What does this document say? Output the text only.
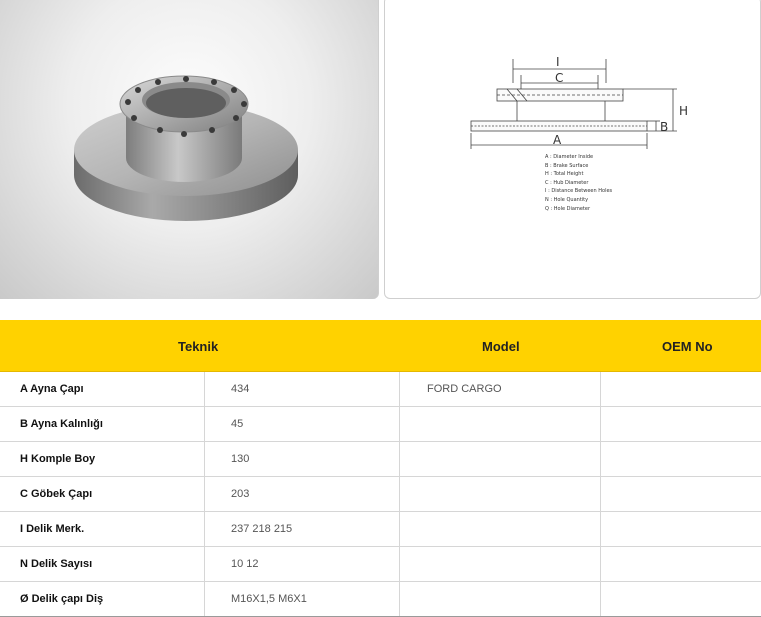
I
C
H
B
A
A : Diameter Inside
B : Brake Surface
H : Total Height
C : Hub Diameter
I : Distance Between Holes
N : Hole Quantity
Q : Hole Diameter
Teknik	Model	OEM No
A Ayna Çapı	434	FORD CARGO
B Ayna Kalınlığı	45
H Komple Boy	130
C Göbek Çapı	203
I Delik Merk.	237 218 215
N Delik Sayısı	10 12
Ø Delik çapı Diş	M16X1,5 M6X1
